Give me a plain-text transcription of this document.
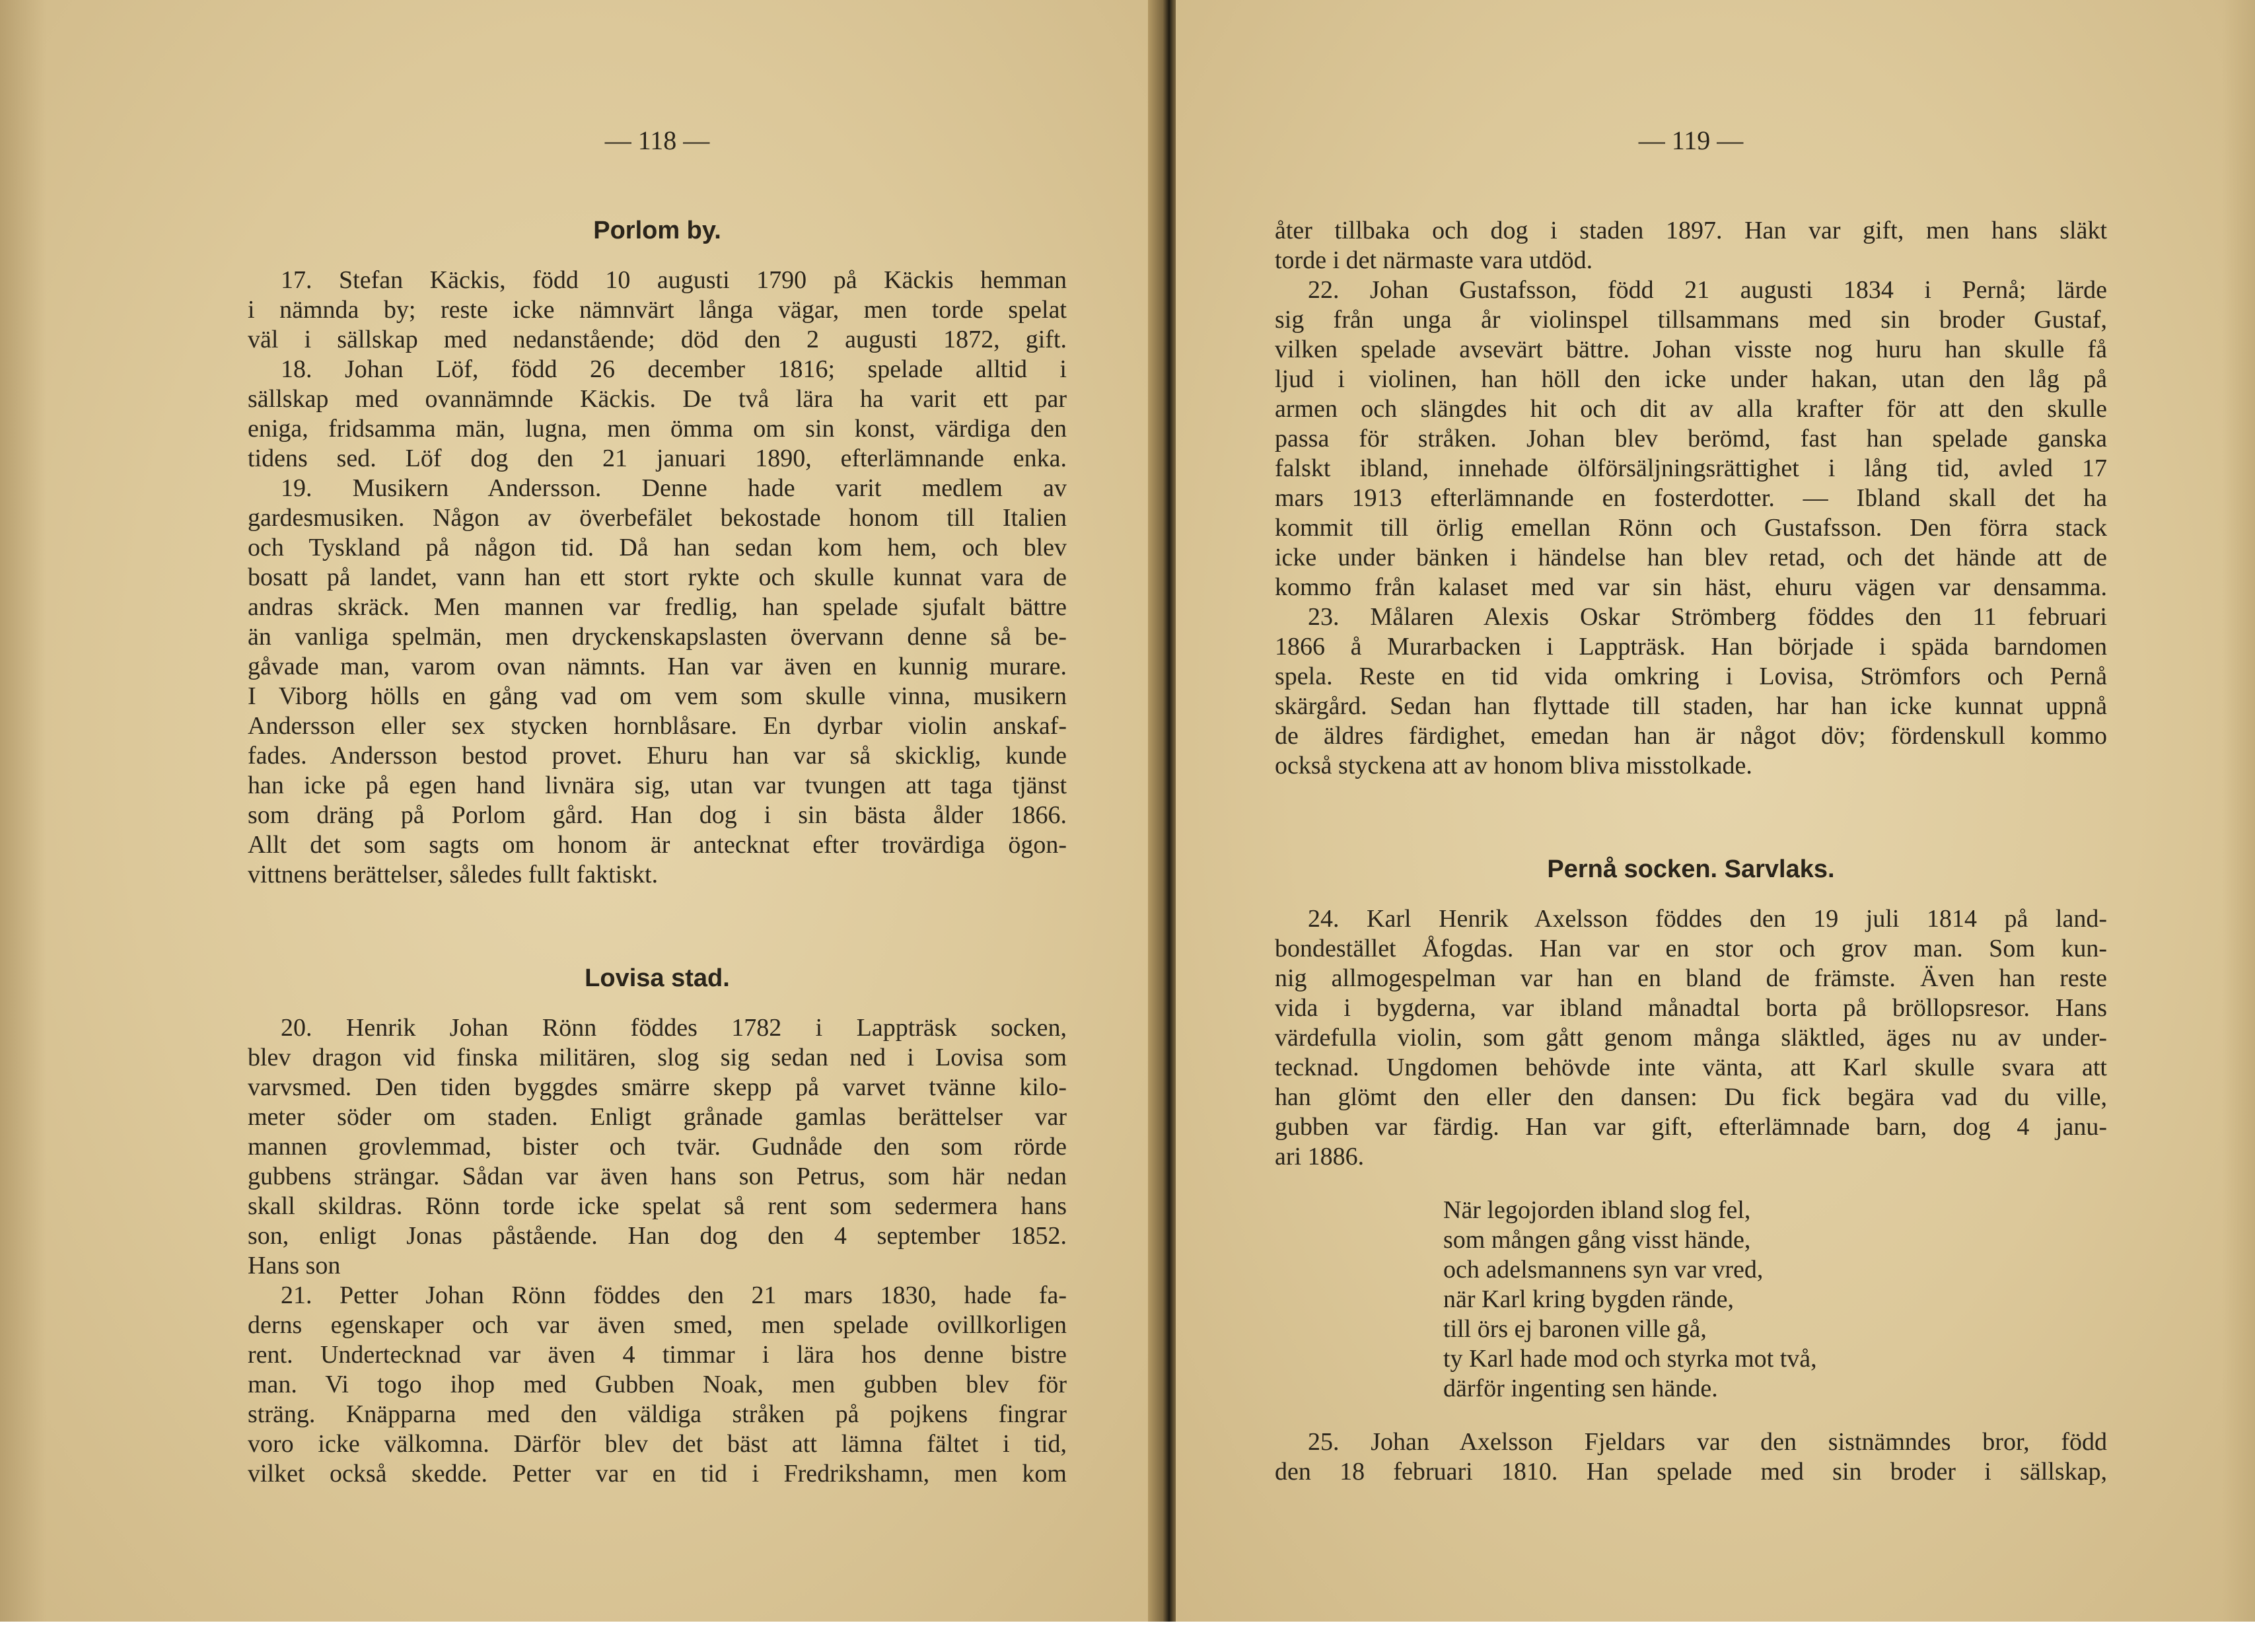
— 118 —
Porlom by.
17. Stefan Käckis, född 10 augusti 1790 på Käckis hemman
i nämnda by; reste icke nämnvärt långa vägar, men torde spelat
väl i sällskap med nedanstående; död den 2 augusti 1872, gift.
18. Johan Löf, född 26 december 1816; spelade alltid i
sällskap med ovannämnde Käckis. De två lära ha varit ett par
eniga, fridsamma män, lugna, men ömma om sin konst, värdiga den
tidens sed. Löf dog den 21 januari 1890, efterlämnande enka.
19. Musikern Andersson. Denne hade varit medlem av
gardesmusiken. Någon av överbefälet bekostade honom till Italien
och Tyskland på någon tid. Då han sedan kom hem, och blev
bosatt på landet, vann han ett stort rykte och skulle kunnat vara de
andras skräck. Men mannen var fredlig, han spelade sjufalt bättre
än vanliga spelmän, men dryckenskapslasten övervann denne så be-
gåvade man, varom ovan nämnts. Han var även en kunnig murare.
I Viborg hölls en gång vad om vem som skulle vinna, musikern
Andersson eller sex stycken hornblåsare. En dyrbar violin anskaf-
fades. Andersson bestod provet. Ehuru han var så skicklig, kunde
han icke på egen hand livnära sig, utan var tvungen att taga tjänst
som dräng på Porlom gård. Han dog i sin bästa ålder 1866.
Allt det som sagts om honom är antecknat efter trovärdiga ögon-
vittnens berättelser, således fullt faktiskt.
Lovisa stad.
20. Henrik Johan Rönn föddes 1782 i Lappträsk socken,
blev dragon vid finska militären, slog sig sedan ned i Lovisa som
varvsmed. Den tiden byggdes smärre skepp på varvet tvänne kilo-
meter söder om staden. Enligt grånade gamlas berättelser var
mannen grovlemmad, bister och tvär. Gudnåde den som rörde
gubbens strängar. Sådan var även hans son Petrus, som här nedan
skall skildras. Rönn torde icke spelat så rent som sedermera hans
son, enligt Jonas påstående. Han dog den 4 september 1852.
Hans son
21. Petter Johan Rönn föddes den 21 mars 1830, hade fa-
derns egenskaper och var även smed, men spelade ovillkorligen
rent. Undertecknad var även 4 timmar i lära hos denne bistre
man. Vi togo ihop med Gubben Noak, men gubben blev för
sträng. Knäpparna med den väldiga stråken på pojkens fingrar
voro icke välkomna. Därför blev det bäst att lämna fältet i tid,
vilket också skedde. Petter var en tid i Fredrikshamn, men kom
— 119 —
åter tillbaka och dog i staden 1897. Han var gift, men hans släkt
torde i det närmaste vara utdöd.
22. Johan Gustafsson, född 21 augusti 1834 i Pernå; lärde
sig från unga år violinspel tillsammans med sin broder Gustaf,
vilken spelade avsevärt bättre. Johan visste nog huru han skulle få
ljud i violinen, han höll den icke under hakan, utan den låg på
armen och slängdes hit och dit av alla krafter för att den skulle
passa för stråken. Johan blev berömd, fast han spelade ganska
falskt ibland, innehade ölförsäljningsrättighet i lång tid, avled 17
mars 1913 efterlämnande en fosterdotter. — Ibland skall det ha
kommit till örlig emellan Rönn och Gustafsson. Den förra stack
icke under bänken i händelse han blev retad, och det hände att de
kommo från kalaset med var sin häst, ehuru vägen var densamma.
23. Målaren Alexis Oskar Strömberg föddes den 11 februari
1866 å Murarbacken i Lappträsk. Han började i späda barndomen
spela. Reste en tid vida omkring i Lovisa, Strömfors och Pernå
skärgård. Sedan han flyttade till staden, har han icke kunnat uppnå
de äldres färdighet, emedan han är något döv; fördenskull kommo
också styckena att av honom bliva misstolkade.
Pernå socken. Sarvlaks.
24. Karl Henrik Axelsson föddes den 19 juli 1814 på land-
bondestället Åfogdas. Han var en stor och grov man. Som kun-
nig allmogespelman var han en bland de främste. Även han reste
vida i bygderna, var ibland månadtal borta på bröllopsresor. Hans
värdefulla violin, som gått genom många släktled, äges nu av under-
tecknad. Ungdomen behövde inte vänta, att Karl skulle svara att
han glömt den eller den dansen: Du fick begära vad du ville,
gubben var färdig. Han var gift, efterlämnade barn, dog 4 janu-
ari 1886.
När legojorden ibland slog fel,
som mången gång visst hände,
och adelsmannens syn var vred,
när Karl kring bygden rände,
till örs ej baronen ville gå,
ty Karl hade mod och styrka mot två,
därför ingenting sen hände.
25. Johan Axelsson Fjeldars var den sistnämndes bror, född
den 18 februari 1810. Han spelade med sin broder i sällskap,
